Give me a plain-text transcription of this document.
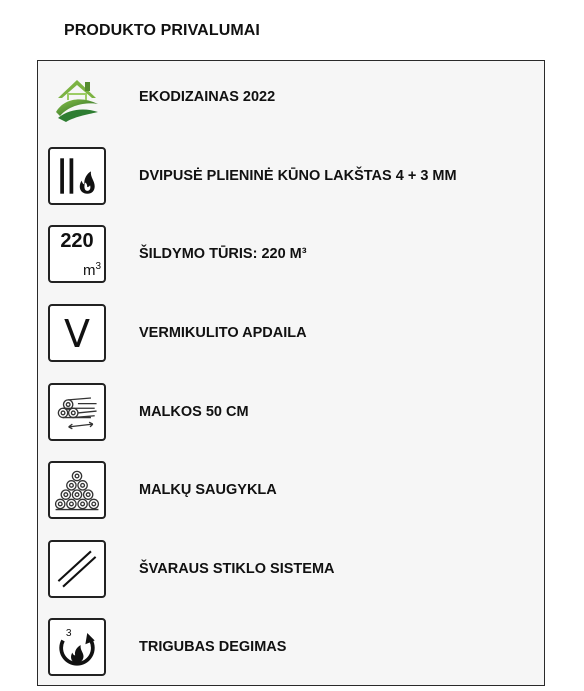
PRODUKTO PRIVALUMAI
EKODIZAINAS 2022
DVIPUSĖ PLIENINĖ KŪNO LAKŠTAS 4 + 3 MM
220
$m^3$
ŠILDYMO TŪRIS: 220 M³
V	VERMIKULITO APDAILA
MALKOS 50 CM
MALKŲ SAUGYKLA
ŠVARAUS STIKLO SISTEMA
3
TRIGUBAS DEGIMAS
